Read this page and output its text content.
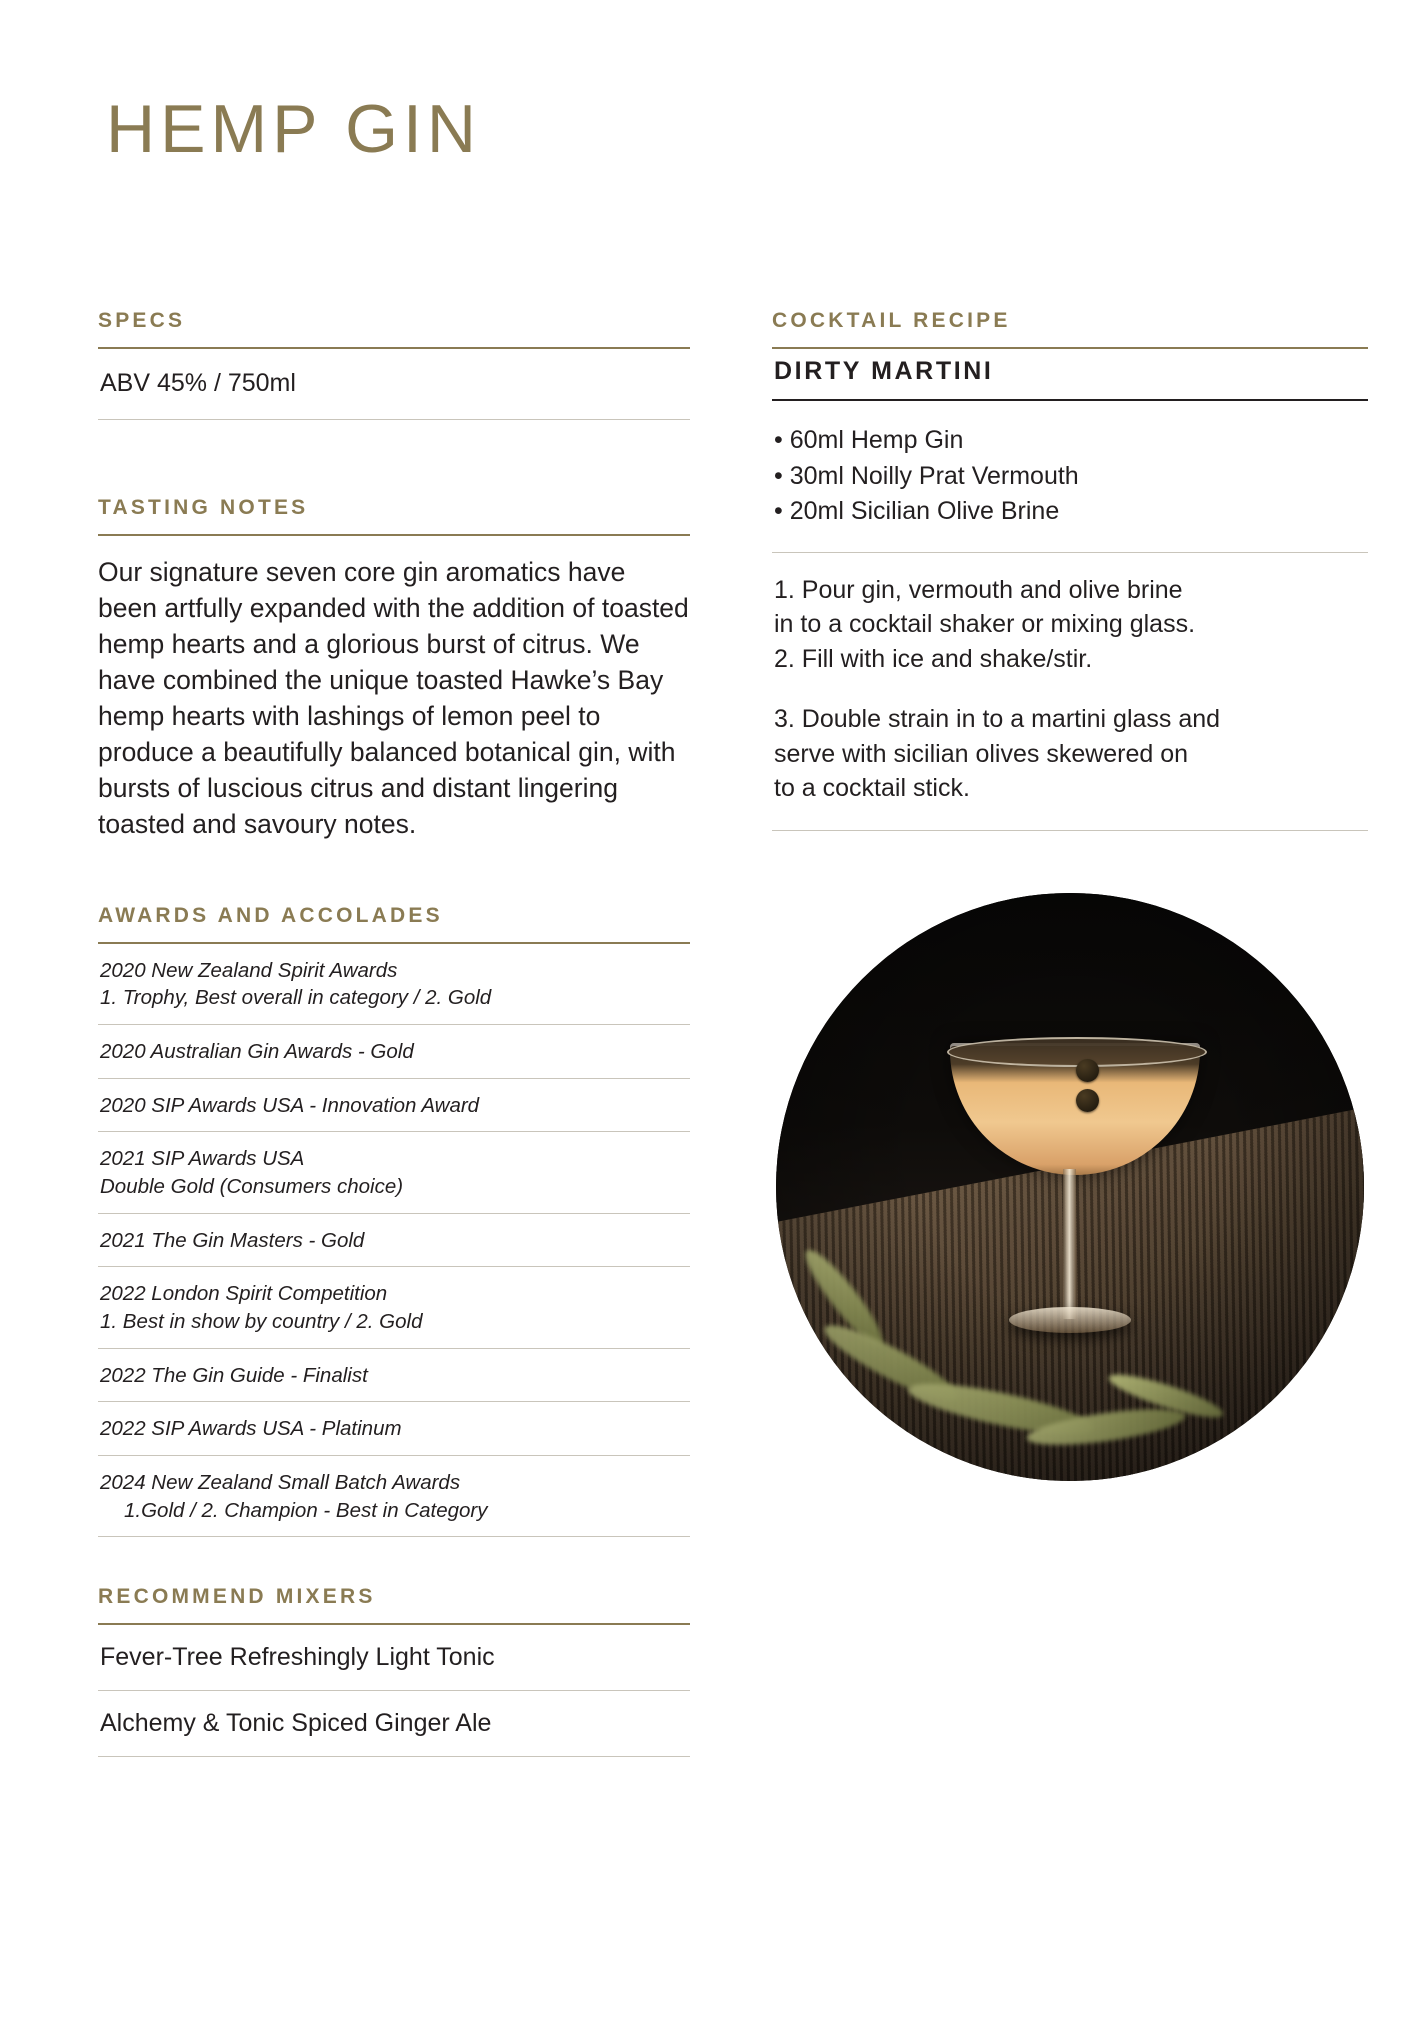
HEMP GIN
SPECS
ABV 45% / 750ml
TASTING NOTES

Our signature seven core gin aromatics have been artfully expanded with the addition of toasted hemp hearts and a glorious burst of citrus. We have combined the unique toasted Hawke’s Bay hemp hearts with lashings of lemon peel to produce a beautifully balanced botanical gin, with bursts of luscious citrus and distant lingering toasted and savoury notes.

AWARDS AND ACCOLADES
2020 New Zealand Spirit Awards
1. Trophy, Best overall in category / 2. Gold
2020 Australian Gin Awards - Gold
2020 SIP Awards USA - Innovation Award
2021 SIP Awards USA
Double Gold (Consumers choice)
2021 The Gin Masters - Gold
2022 London Spirit Competition
1. Best in show by country / 2. Gold
2022 The Gin Guide - Finalist
2022 SIP Awards USA - Platinum
2024 New Zealand Small Batch Awards
1.Gold / 2. Champion - Best in Category
RECOMMEND MIXERS
Fever-Tree Refreshingly Light Tonic
Alchemy & Tonic Spiced Ginger Ale
COCKTAIL RECIPE
DIRTY MARTINI
• 60ml Hemp Gin
• 30ml Noilly Prat Vermouth
• 20ml Sicilian Olive Brine

1. Pour gin, vermouth and olive brine

in to a cocktail shaker or mixing glass.

2. Fill with ice and shake/stir.

3. Double strain in to a martini glass and

serve with sicilian olives skewered on

to a cocktail stick.
